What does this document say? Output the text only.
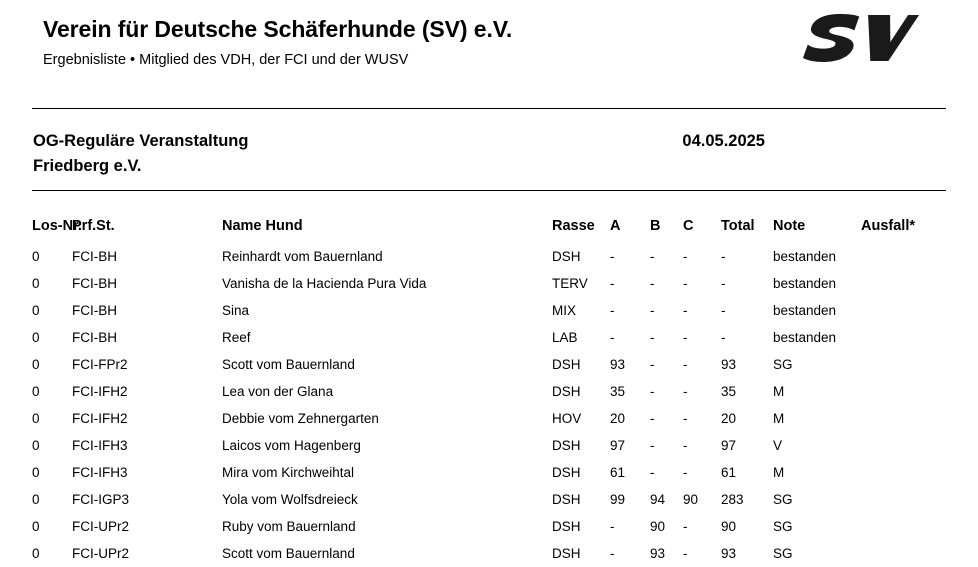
Verein für Deutsche Schäferhunde (SV) e.V.
Ergebnisliste • Mitglied des VDH, der FCI und der WUSV
OG-Reguläre Veranstaltung
Friedberg e.V.
04.05.2025
Los-Nr.	Prf.St.	Name Hund	Rasse	A	B	C	Total	Note	Ausfall*
0	FCI-BH	Reinhardt vom Bauernland	DSH	-	-	-	-	bestanden	
0	FCI-BH	Vanisha de la Hacienda Pura Vida	TERV	-	-	-	-	bestanden	
0	FCI-BH	Sina	MIX	-	-	-	-	bestanden	
0	FCI-BH	Reef	LAB	-	-	-	-	bestanden	
0	FCI-FPr2	Scott vom Bauernland	DSH	93	-	-	93	SG	
0	FCI-IFH2	Lea von der Glana	DSH	35	-	-	35	M	
0	FCI-IFH2	Debbie vom Zehnergarten	HOV	20	-	-	20	M	
0	FCI-IFH3	Laicos vom Hagenberg	DSH	97	-	-	97	V	
0	FCI-IFH3	Mira vom Kirchweihtal	DSH	61	-	-	61	M	
0	FCI-IGP3	Yola vom Wolfsdreieck	DSH	99	94	90	283	SG	
0	FCI-UPr2	Ruby vom Bauernland	DSH	-	90	-	90	SG	
0	FCI-UPr2	Scott vom Bauernland	DSH	-	93	-	93	SG	
